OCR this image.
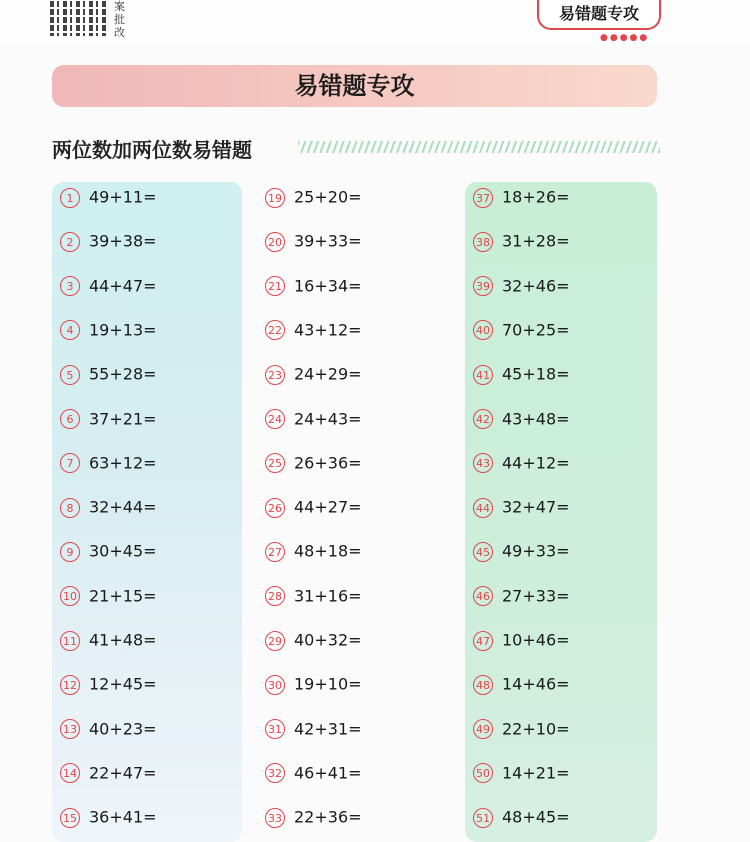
案批改
易错题专攻
●●●●●
易错题专攻
两位数加两位数易错题
1 49+11=
2 39+38=
3 44+47=
4 19+13=
5 55+28=
6 37+21=
7 63+12=
8 32+44=
9 30+45=
10 21+15=
11 41+48=
12 12+45=
13 40+23=
14 22+47=
15 36+41=
19 25+20=
20 39+33=
21 16+34=
22 43+12=
23 24+29=
24 24+43=
25 26+36=
26 44+27=
27 48+18=
28 31+16=
29 40+32=
30 19+10=
31 42+31=
32 46+41=
33 22+36=
37 18+26=
38 31+28=
39 32+46=
40 70+25=
41 45+18=
42 43+48=
43 44+12=
44 32+47=
45 49+33=
46 27+33=
47 10+46=
48 14+46=
49 22+10=
50 14+21=
51 48+45=
